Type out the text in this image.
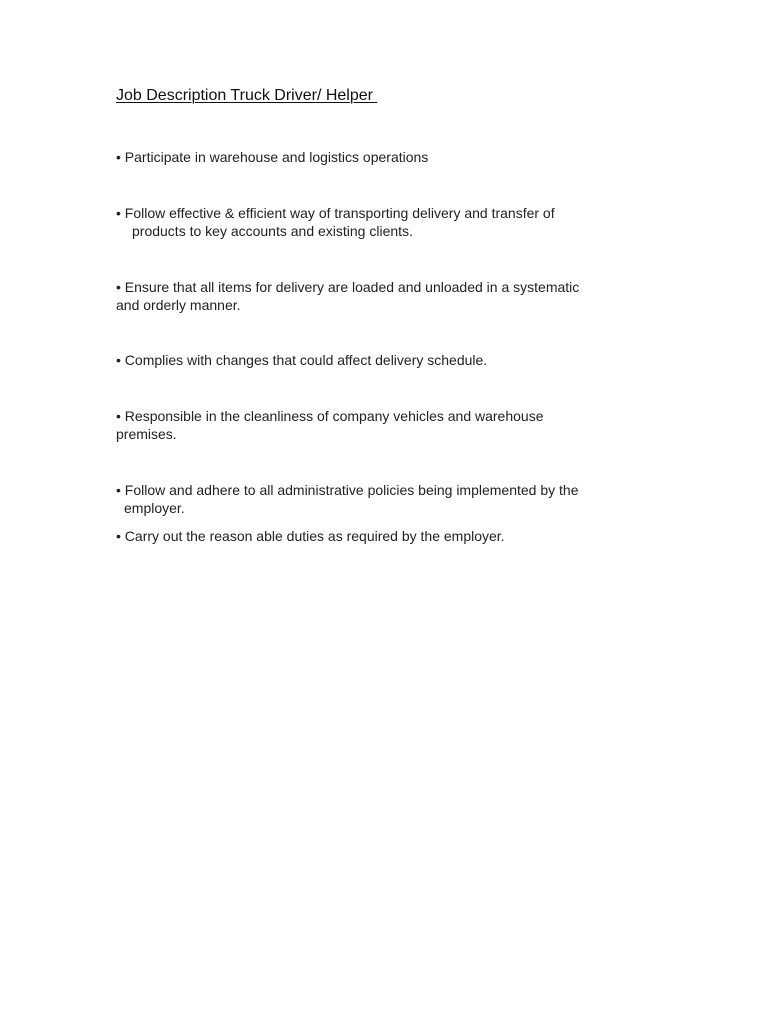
Job Description Truck Driver/ Helper
• Participate in warehouse and logistics operations
• Follow effective & efficient way of transporting delivery and transfer of
products to key accounts and existing clients.
• Ensure that all items for delivery are loaded and unloaded in a systematic
and orderly manner.
• Complies with changes that could affect delivery schedule.
• Responsible in the cleanliness of company vehicles and warehouse
premises.
• Follow and adhere to all administrative policies being implemented by the
employer.
• Carry out the reason able duties as required by the employer.
